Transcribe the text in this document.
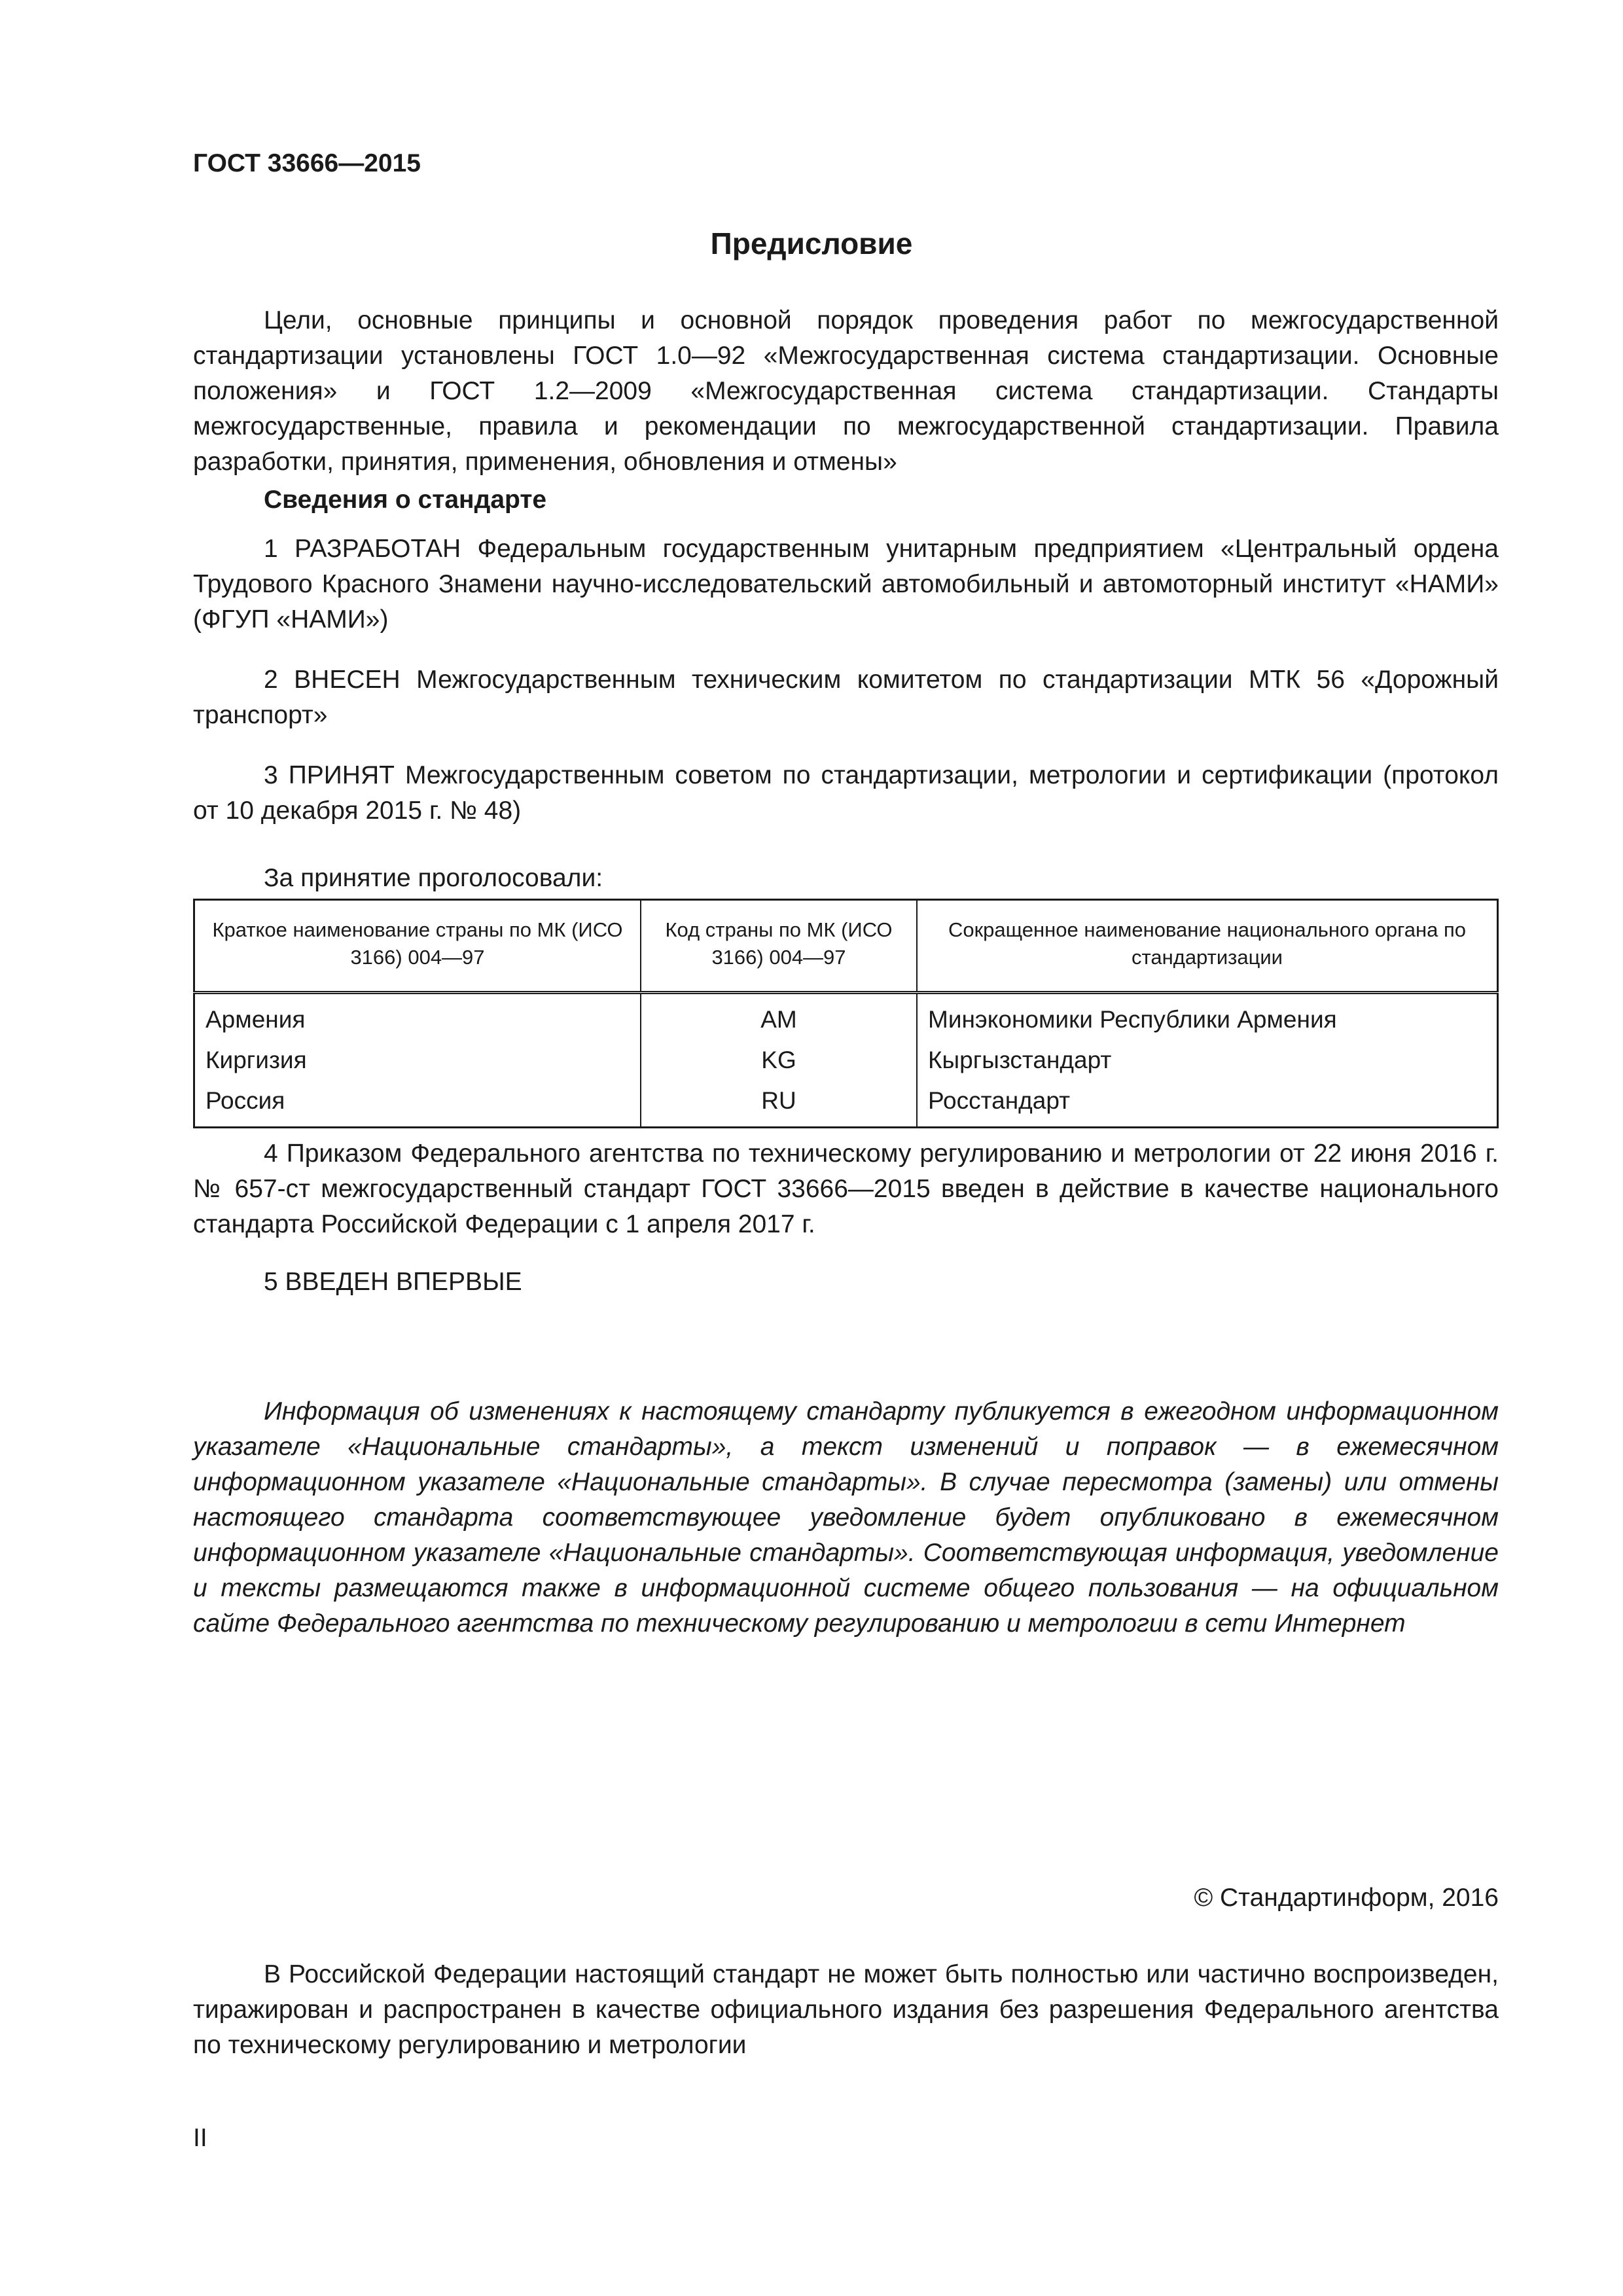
ГОСТ 33666—2015

Предисловие

Цели, основные принципы и основной порядок проведения работ по межгосударственной стандартизации установлены ГОСТ 1.0—92 «Межгосударственная система стандартизации. Основные положения» и ГОСТ 1.2—2009 «Межгосударственная система стандартизации. Стандарты межгосударственные, правила и рекомендации по межгосударственной стандартизации. Правила разработки, принятия, применения, обновления и отмены»

Сведения о стандарте

1 РАЗРАБОТАН Федеральным государственным унитарным предприятием «Центральный ордена Трудового Красного Знамени научно-исследовательский автомобильный и автомоторный институт «НАМИ» (ФГУП «НАМИ»)

2 ВНЕСЕН Межгосударственным техническим комитетом по стандартизации МТК 56 «Дорожный транспорт»

3 ПРИНЯТ Межгосударственным советом по стандартизации, метрологии и сертификации (протокол от 10 декабря 2015 г. № 48)

За принятие проголосовали:

Краткое наименование страны по МК (ИСО 3166) 004—97	Код страны по МК (ИСО 3166) 004—97	Сокращенное наименование национального органа по стандартизации
Армения	AM	Минэкономики Республики Армения
Киргизия	KG	Кыргызстандарт
Россия	RU	Росстандарт

4 Приказом Федерального агентства по техническому регулированию и метрологии от 22 июня 2016 г. № 657-ст межгосударственный стандарт ГОСТ 33666—2015 введен в действие в качестве национального стандарта Российской Федерации с 1 апреля 2017 г.

5 ВВЕДЕН ВПЕРВЫЕ

Информация об изменениях к настоящему стандарту публикуется в ежегодном информационном указателе «Национальные стандарты», а текст изменений и поправок — в ежемесячном информационном указателе «Национальные стандарты». В случае пересмотра (замены) или отмены настоящего стандарта соответствующее уведомление будет опубликовано в ежемесячном информационном указателе «Национальные стандарты». Соответствующая информация, уведомление и тексты размещаются также в информационной системе общего пользования — на официальном сайте Федерального агентства по техническому регулированию и метрологии в сети Интернет

© Стандартинформ, 2016

В Российской Федерации настоящий стандарт не может быть полностью или частично воспроизведен, тиражирован и распространен в качестве официального издания без разрешения Федерального агентства по техническому регулированию и метрологии

II
